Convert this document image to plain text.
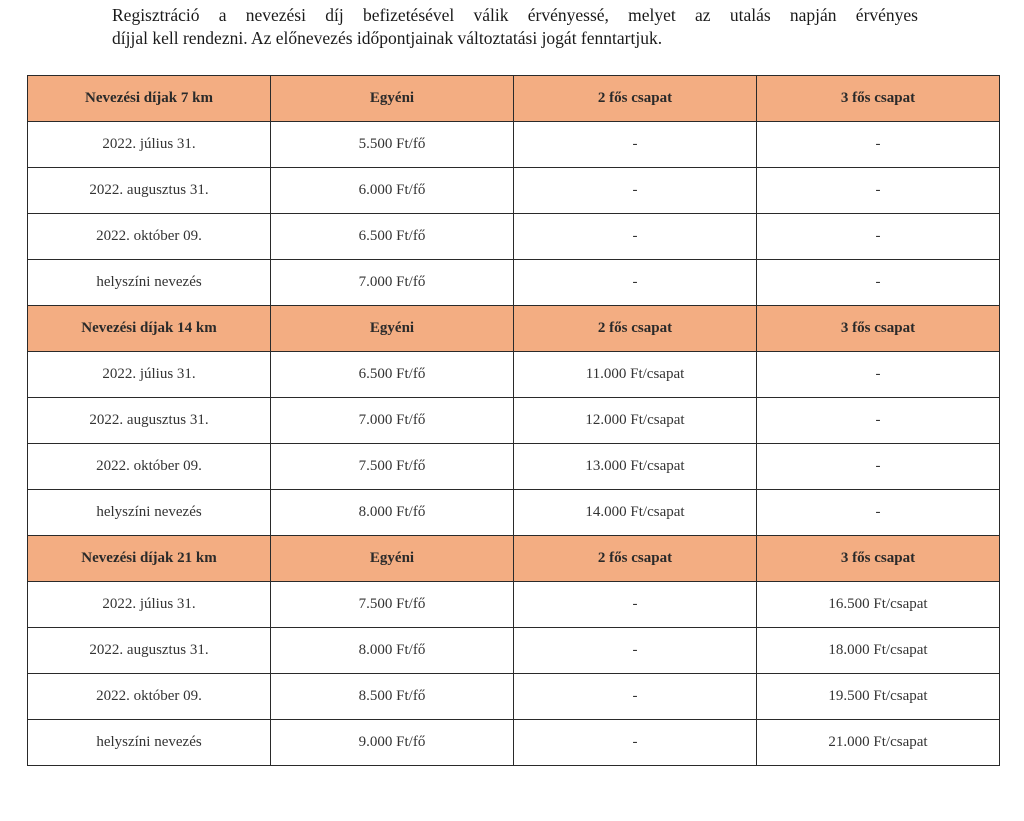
Regisztráció a nevezési díj befizetésével válik érvényessé, melyet az utalás napján érvényes
díjjal kell rendezni. Az előnevezés időpontjainak változtatási jogát fenntartjuk.
Nevezési díjak 7 km	Egyéni	2 fős csapat	3 fős csapat
2022. július 31.	5.500 Ft/fő	-	-
2022. augusztus 31.	6.000 Ft/fő	-	-
2022. október 09.	6.500 Ft/fő	-	-
helyszíni nevezés	7.000 Ft/fő	-	-
Nevezési díjak 14 km	Egyéni	2 fős csapat	3 fős csapat
2022. július 31.	6.500 Ft/fő	11.000 Ft/csapat	-
2022. augusztus 31.	7.000 Ft/fő	12.000 Ft/csapat	-
2022. október 09.	7.500 Ft/fő	13.000 Ft/csapat	-
helyszíni nevezés	8.000 Ft/fő	14.000 Ft/csapat	-
Nevezési díjak 21 km	Egyéni	2 fős csapat	3 fős csapat
2022. július 31.	7.500 Ft/fő	-	16.500 Ft/csapat
2022. augusztus 31.	8.000 Ft/fő	-	18.000 Ft/csapat
2022. október 09.	8.500 Ft/fő	-	19.500 Ft/csapat
helyszíni nevezés	9.000 Ft/fő	-	21.000 Ft/csapat
